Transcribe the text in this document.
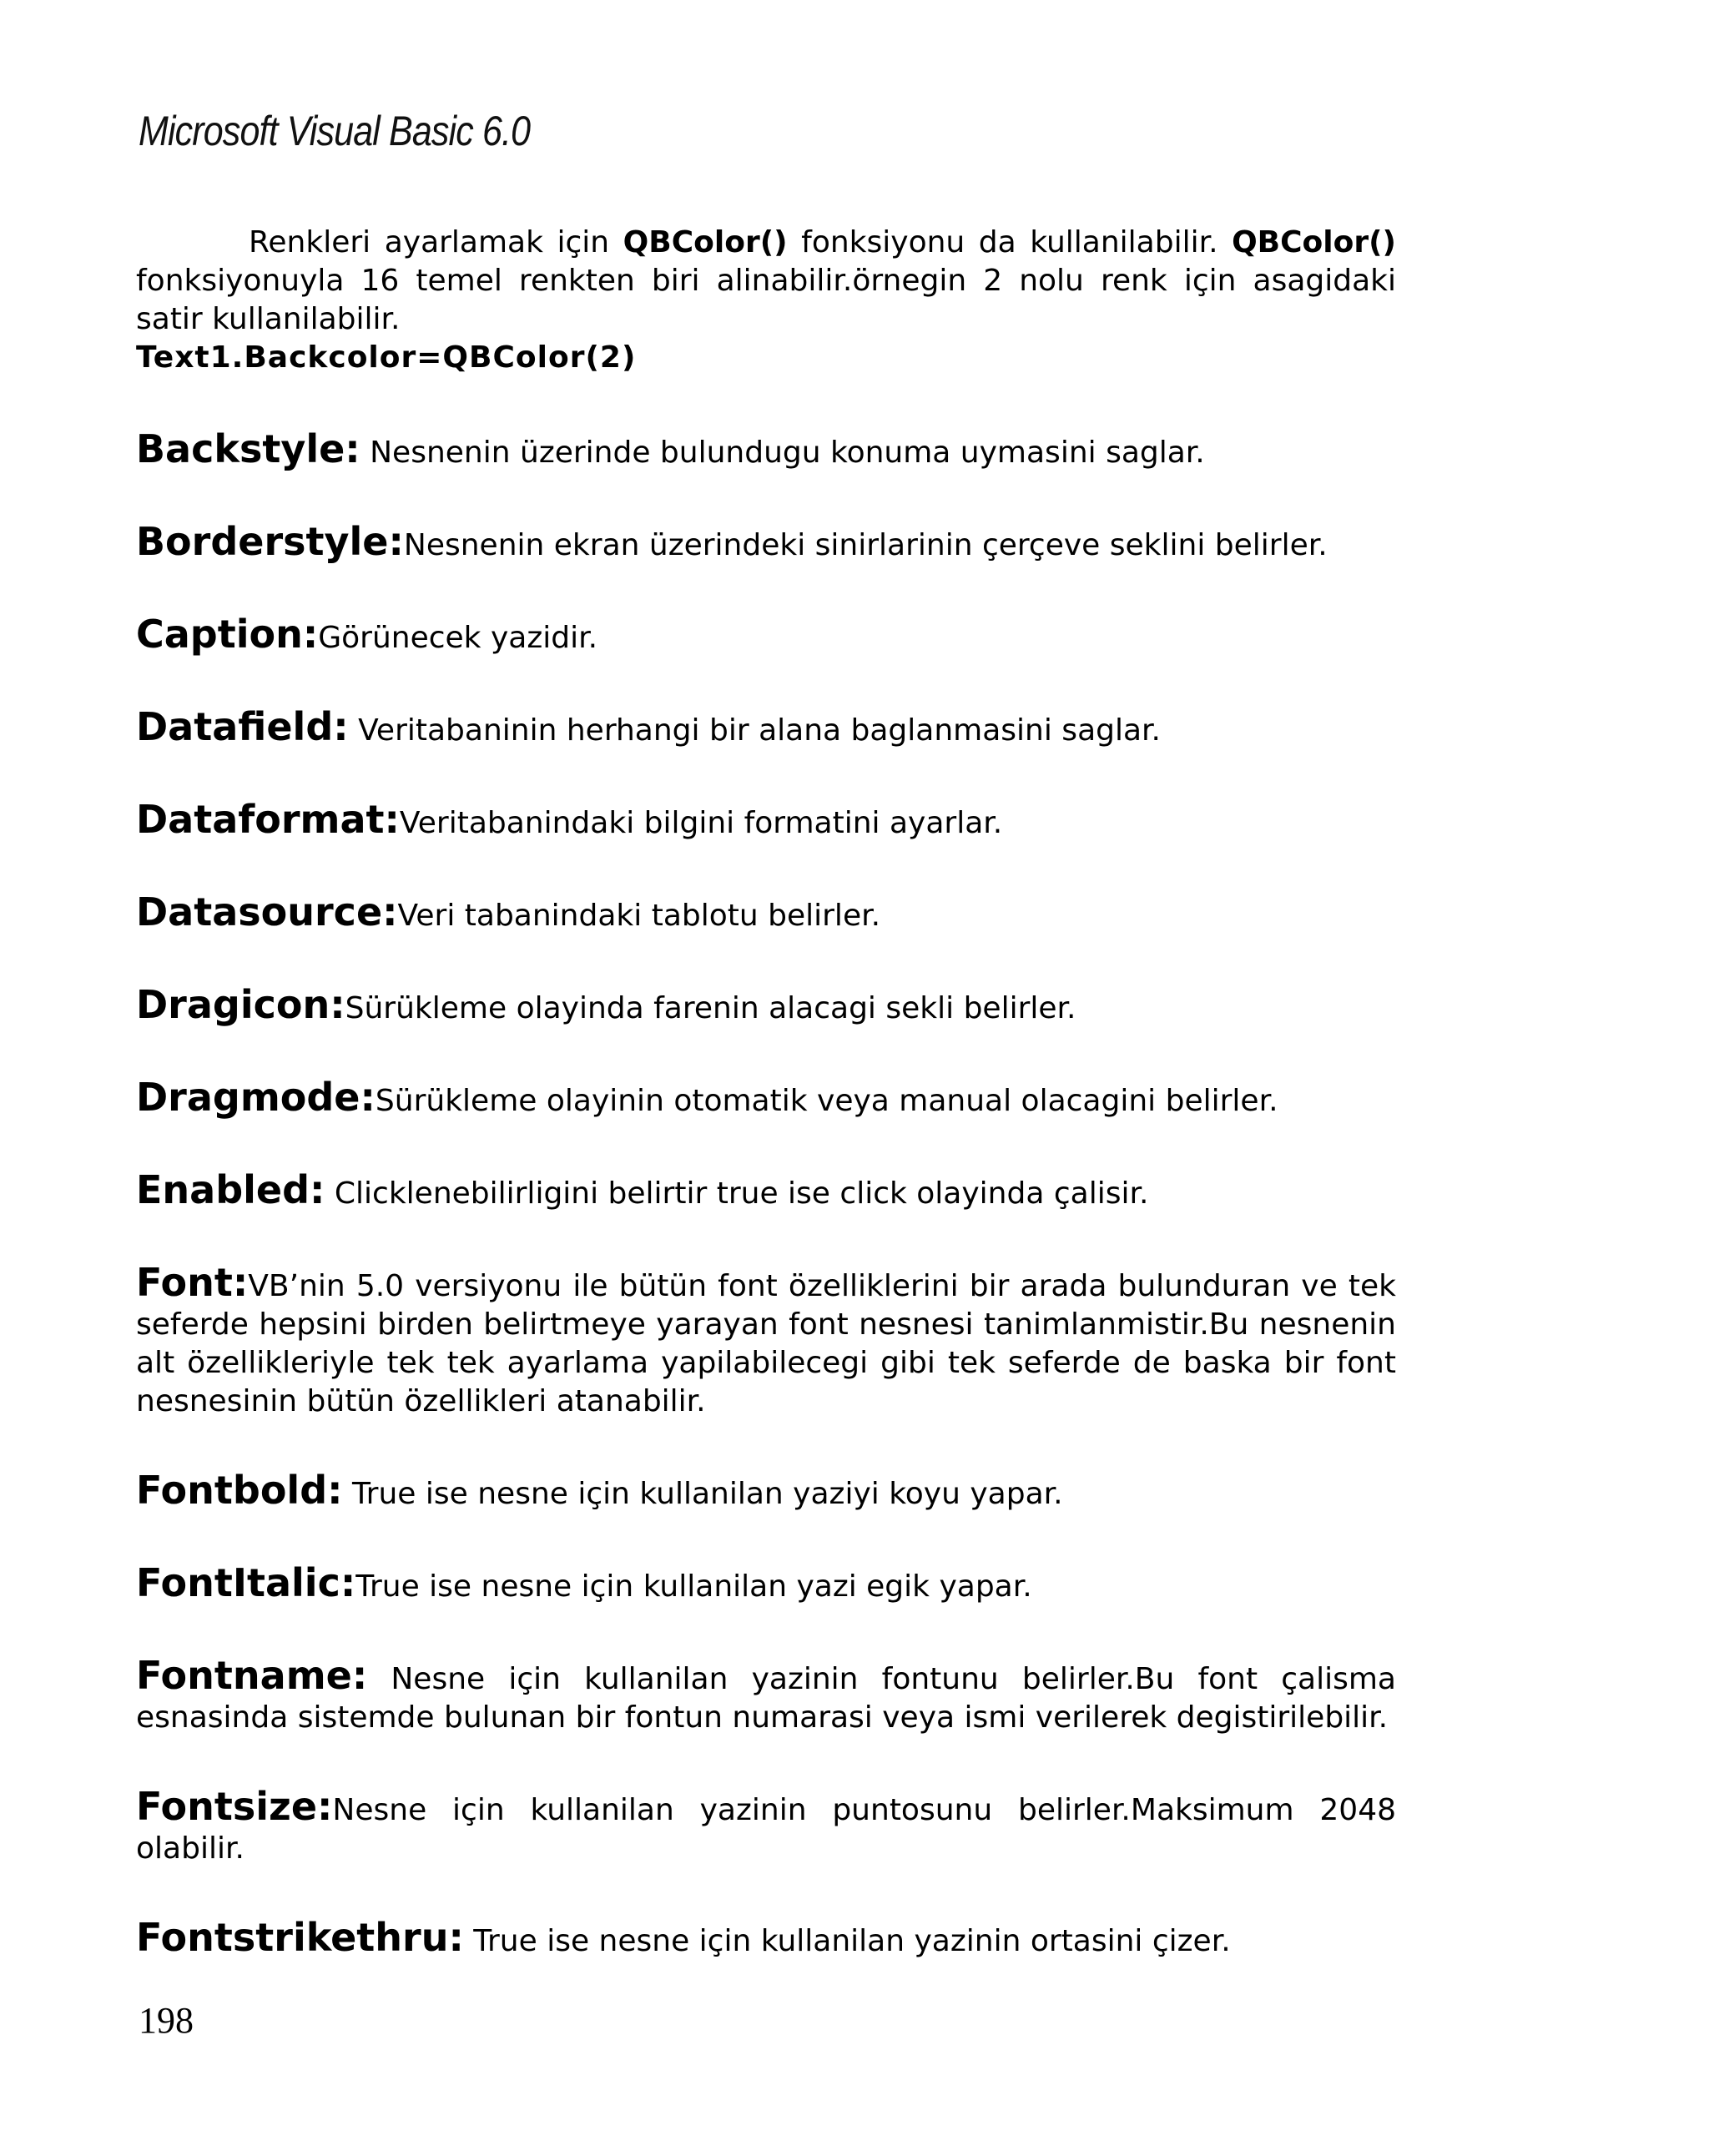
Microsoft Visual Basic 6.0

Renkleri ayarlamak için QBColor() fonksiyonu da kullanilabilir. QBColor() fonksiyonuyla 16 temel renkten biri alinabilir.örnegin 2 nolu renk için asagidaki satir kullanilabilir.

Text1.Backcolor=QBColor(2)

Backstyle: Nesnenin üzerinde bulundugu konuma uymasini saglar.

Borderstyle:Nesnenin ekran üzerindeki sinirlarinin çerçeve seklini belirler.

Caption:Görünecek yazidir.

Datafield: Veritabaninin herhangi bir alana baglanmasini saglar.

Dataformat:Veritabanindaki bilgini formatini ayarlar.

Datasource:Veri tabanindaki tablotu belirler.

Dragicon:Sürükleme olayinda farenin alacagi sekli belirler.

Dragmode:Sürükleme olayinin otomatik veya manual olacagini belirler.

Enabled: Clicklenebilirligini belirtir true ise click olayinda çalisir.

Font:VB’nin 5.0 versiyonu ile bütün font özelliklerini bir arada bulunduran ve tek seferde hepsini birden belirtmeye yarayan font nesnesi tanimlanmistir.Bu nesnenin alt özellikleriyle tek tek ayarlama yapilabilecegi gibi tek seferde de baska bir font nesnesinin bütün özellikleri atanabilir.

Fontbold: True ise nesne için kullanilan yaziyi koyu yapar.

FontItalic:True ise nesne için kullanilan yazi egik yapar.

Fontname: Nesne için kullanilan yazinin fontunu belirler.Bu font çalisma esnasinda sistemde bulunan bir fontun numarasi veya ismi verilerek degistirilebilir.

Fontsize:Nesne için kullanilan yazinin puntosunu belirler.Maksimum 2048 olabilir.

Fontstrikethru: True ise nesne için kullanilan yazinin ortasini çizer.

198
